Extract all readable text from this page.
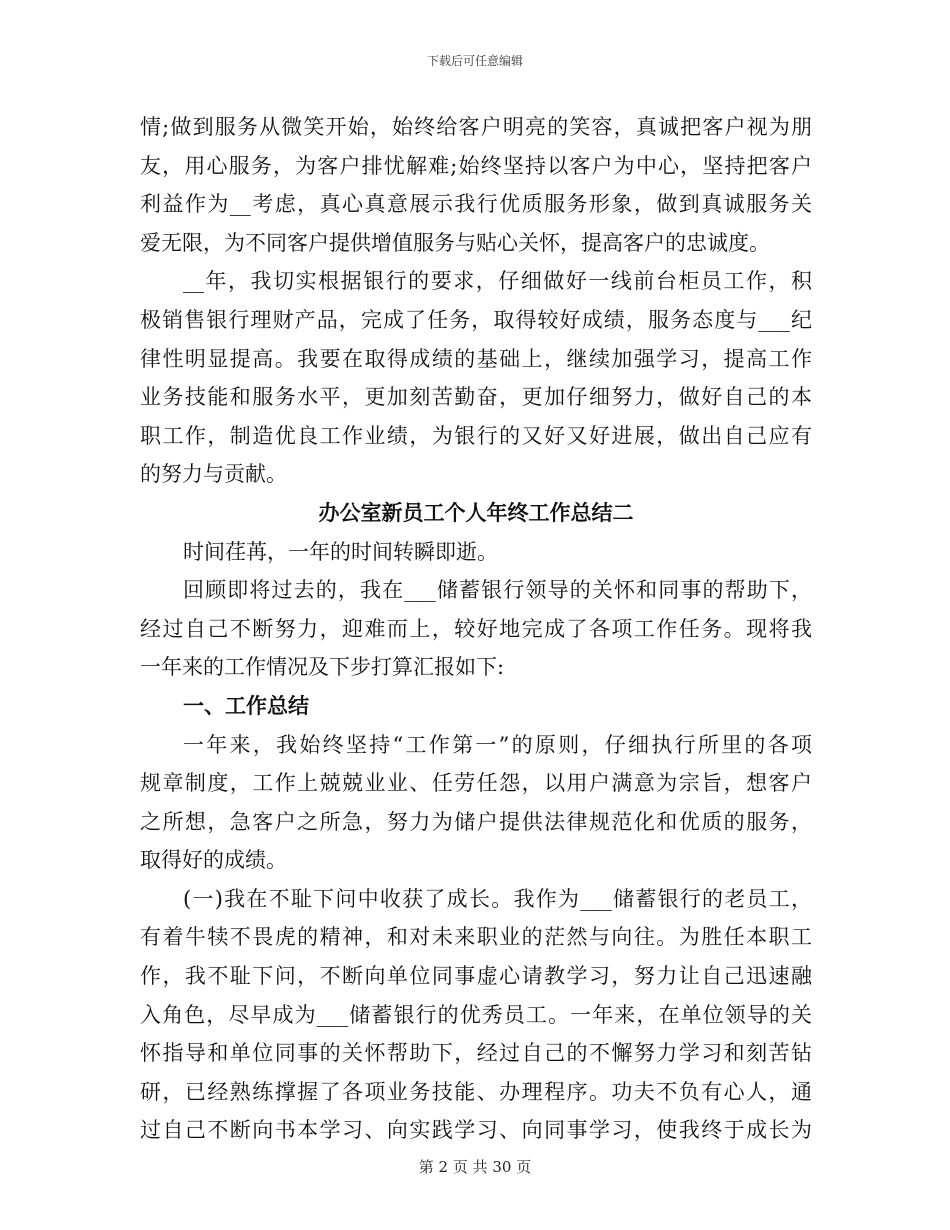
下载后可任意编辑
情;做到服务从微笑开始，始终给客户明亮的笑容，真诚把客户视为朋
友，用心服务，为客户排忧解难;始终坚持以客户为中心，坚持把客户
利益作为__考虑，真心真意展示我行优质服务形象，做到真诚服务关
爱无限，为不同客户提供增值服务与贴心关怀，提高客户的忠诚度。
__年，我切实根据银行的要求，仔细做好一线前台柜员工作，积
极销售银行理财产品，完成了任务，取得较好成绩，服务态度与___纪
律性明显提高。我要在取得成绩的基础上，继续加强学习，提高工作
业务技能和服务水平，更加刻苦勤奋，更加仔细努力，做好自己的本
职工作，制造优良工作业绩，为银行的又好又好进展，做出自己应有
的努力与贡献。
办公室新员工个人年终工作总结二
时间荏苒，一年的时间转瞬即逝。
回顾即将过去的，我在___储蓄银行领导的关怀和同事的帮助下，
经过自己不断努力，迎难而上，较好地完成了各项工作任务。现将我
一年来的工作情况及下步打算汇报如下:
一、工作总结
一年来，我始终坚持“工作第一”的原则，仔细执行所里的各项
规章制度，工作上兢兢业业、任劳任怨，以用户满意为宗旨，想客户
之所想，急客户之所急，努力为储户提供法律规范化和优质的服务，
取得好的成绩。
(一)我在不耻下问中收获了成长。我作为___储蓄银行的老员工，
有着牛犊不畏虎的精神，和对未来职业的茫然与向往。为胜任本职工
作，我不耻下问，不断向单位同事虚心请教学习，努力让自己迅速融
入角色，尽早成为___储蓄银行的优秀员工。一年来，在单位领导的关
怀指导和单位同事的关怀帮助下，经过自己的不懈努力学习和刻苦钻
研，已经熟练撑握了各项业务技能、办理程序。功夫不负有心人，通
过自己不断向书本学习、向实践学习、向同事学习，使我终于成长为
第 2 页 共 30 页
